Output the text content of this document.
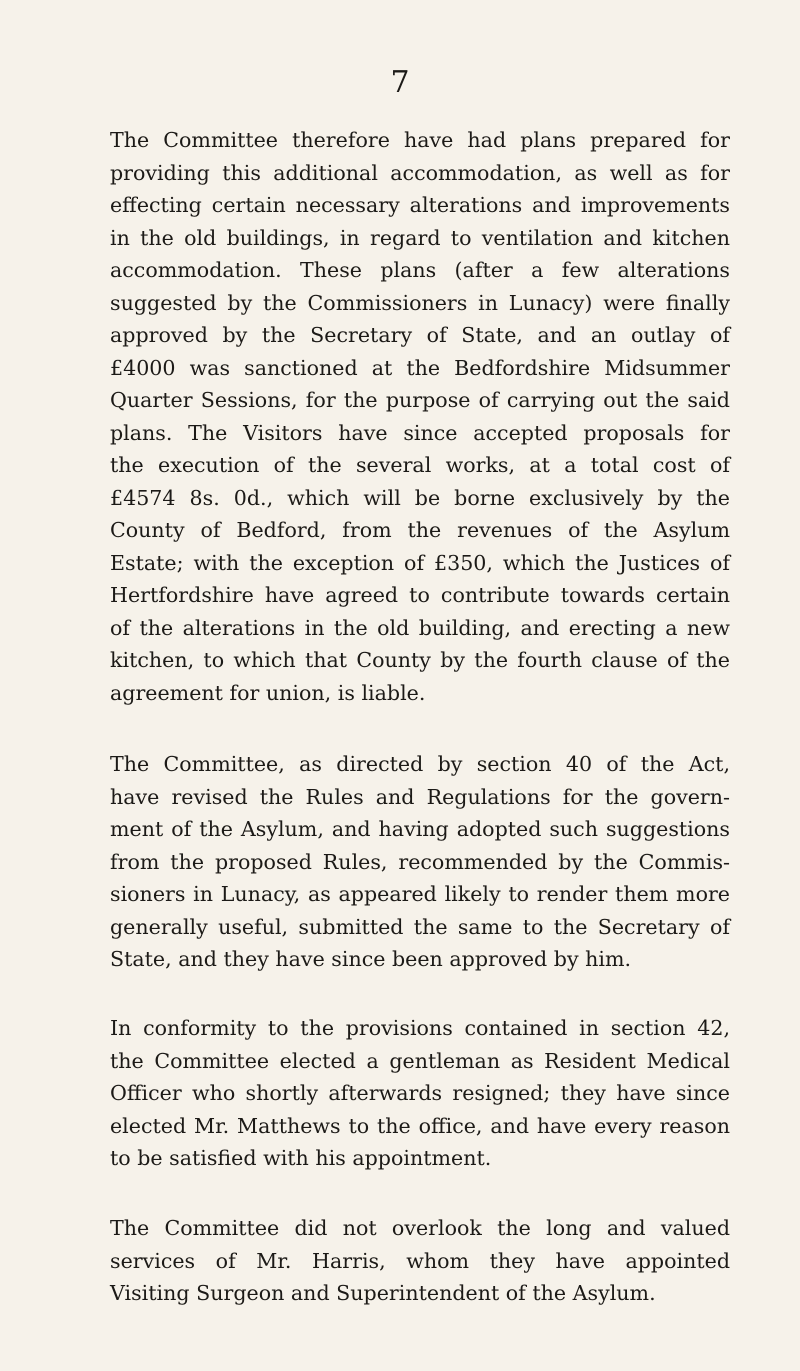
7
The Committee therefore have had plans prepared for
providing this additional accommodation, as well as for
effecting certain necessary alterations and improvements
in the old buildings, in regard to ventilation and kitchen
accommodation. These plans (after a few alterations
suggested by the Commissioners in Lunacy) were finally
approved by the Secretary of State, and an outlay of
£4000 was sanctioned at the Bedfordshire Midsummer
Quarter Sessions, for the purpose of carrying out the said
plans. The Visitors have since accepted proposals for
the execution of the several works, at a total cost of
£4574 8s. 0d., which will be borne exclusively by the
County of Bedford, from the revenues of the Asylum
Estate; with the exception of £350, which the Justices of
Hertfordshire have agreed to contribute towards certain
of the alterations in the old building, and erecting a new
kitchen, to which that County by the fourth clause of the
agreement for union, is liable.
The Committee, as directed by section 40 of the Act,
have revised the Rules and Regulations for the govern-
ment of the Asylum, and having adopted such suggestions
from the proposed Rules, recommended by the Commis-
sioners in Lunacy, as appeared likely to render them more
generally useful, submitted the same to the Secretary of
State, and they have since been approved by him.
In conformity to the provisions contained in section 42,
the Committee elected a gentleman as Resident Medical
Officer who shortly afterwards resigned; they have since
elected Mr. Matthews to the office, and have every reason
to be satisfied with his appointment.
The Committee did not overlook the long and valued
services of Mr. Harris, whom they have appointed
Visiting Surgeon and Superintendent of the Asylum.
